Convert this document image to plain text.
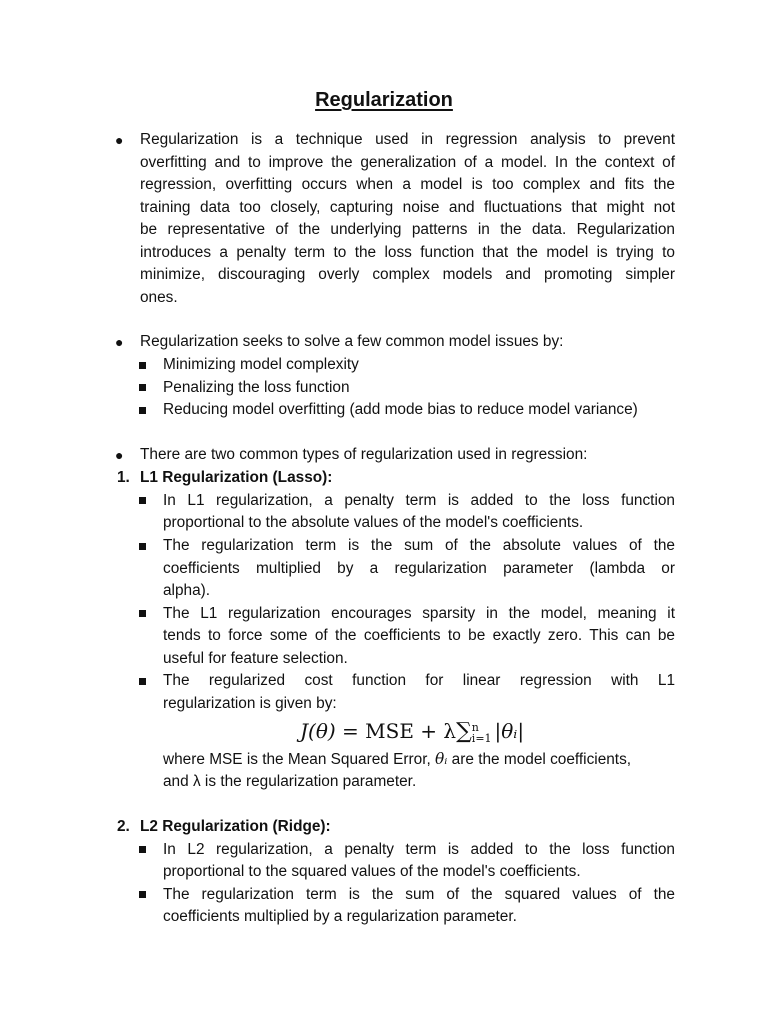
Regularization
● Regularization is a technique used in regression analysis to prevent
overfitting and to improve the generalization of a model. In the context of
regression, overfitting occurs when a model is too complex and fits the
training data too closely, capturing noise and fluctuations that might not
be representative of the underlying patterns in the data. Regularization
introduces a penalty term to the loss function that the model is trying to
minimize, discouraging overly complex models and promoting simpler
ones.
● Regularization seeks to solve a few common model issues by:
Minimizing model complexity
Penalizing the loss function
Reducing model overfitting (add mode bias to reduce model variance)
● There are two common types of regularization used in regression:
1. L1 Regularization (Lasso):
In L1 regularization, a penalty term is added to the loss function
proportional to the absolute values of the model's coefficients.
The regularization term is the sum of the absolute values of the
coefficients multiplied by a regularization parameter (lambda or
alpha).
The L1 regularization encourages sparsity in the model, meaning it
tends to force some of the coefficients to be exactly zero. This can be
useful for feature selection.
The regularized cost function for linear regression with L1
regularization is given by:
J(θ) = MSE + λ∑ n
i=1 |θᵢ|
where MSE is the Mean Squared Error, θᵢ are the model coefficients,
and λ is the regularization parameter.
2. L2 Regularization (Ridge):
In L2 regularization, a penalty term is added to the loss function
proportional to the squared values of the model's coefficients.
The regularization term is the sum of the squared values of the
coefficients multiplied by a regularization parameter.
